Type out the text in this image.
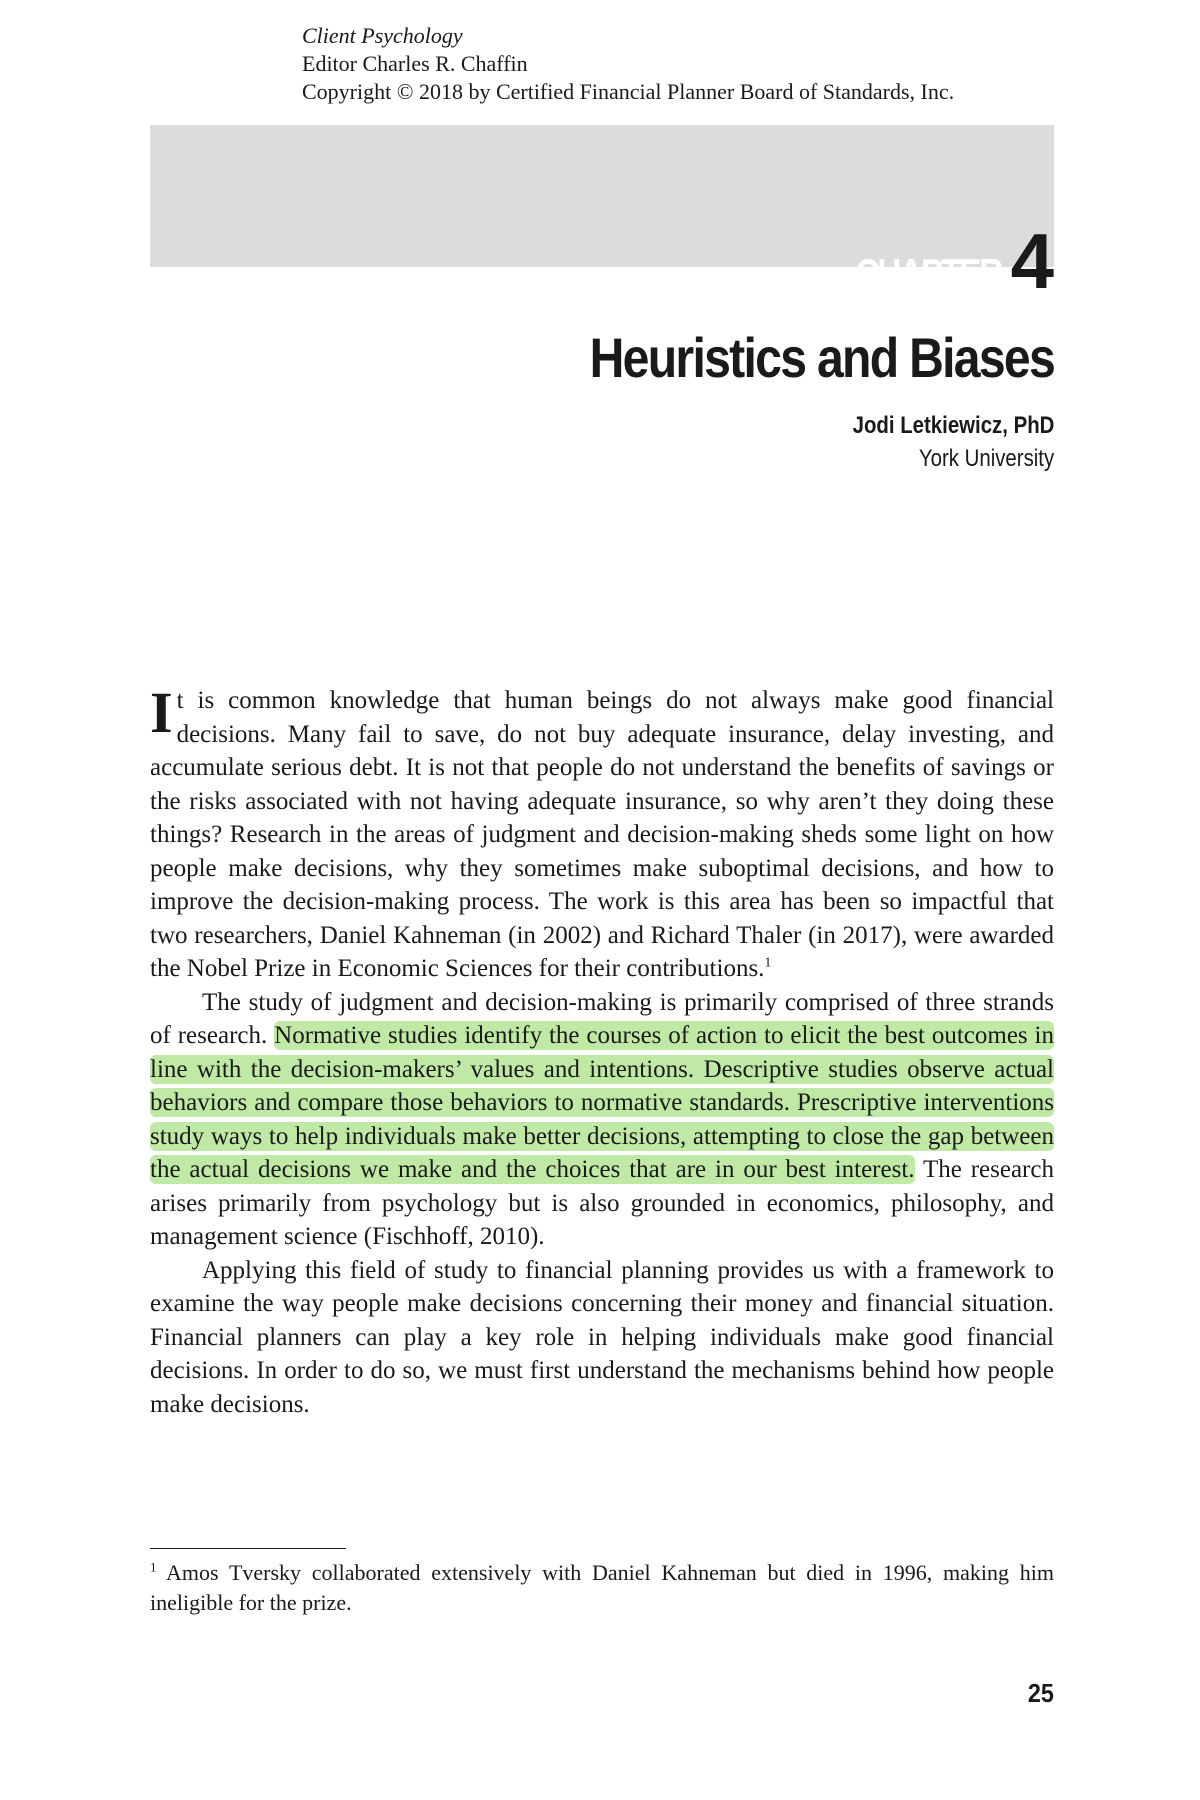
Client Psychology
Editor Charles R. Chaffin
Copyright © 2018 by Certified Financial Planner Board of Standards, Inc.
CHAPTER 4
Heuristics and Biases
Jodi Letkiewicz, PhD
York University

It is common knowledge that human beings do not always make good financial decisions. Many fail to save, do not buy adequate insurance, delay investing, and accumulate serious debt. It is not that people do not understand the benefits of savings or the risks associated with not having adequate insurance, so why aren’t they doing these things? Research in the areas of judgment and decision-making sheds some light on how people make decisions, why they sometimes make suboptimal decisions, and how to improve the decision-making process. The work is this area has been so impactful that two researchers, Daniel Kahneman (in 2002) and Richard Thaler (in 2017), were awarded the Nobel Prize in Economic Sciences for their contributions.$^1$

The study of judgment and decision-making is primarily comprised of three strands of research. Normative studies identify the courses of action to elicit the best outcomes in line with the decision-makers’ values and intentions. Descriptive studies observe actual behaviors and compare those behaviors to normative standards. Prescriptive interventions study ways to help individuals make better decisions, attempting to close the gap between the actual decisions we make and the choices that are in our best interest. The research arises primarily from psychology but is also grounded in economics, philosophy, and management science (Fischhoff, 2010).

Applying this field of study to financial planning provides us with a framework to examine the way people make decisions concerning their money and financial situation. Financial planners can play a key role in helping individuals make good financial decisions. In order to do so, we must first understand the mechanisms behind how people make decisions.

$^1$ Amos Tversky collaborated extensively with Daniel Kahneman but died in 1996, making him ineligible for the prize.
25
